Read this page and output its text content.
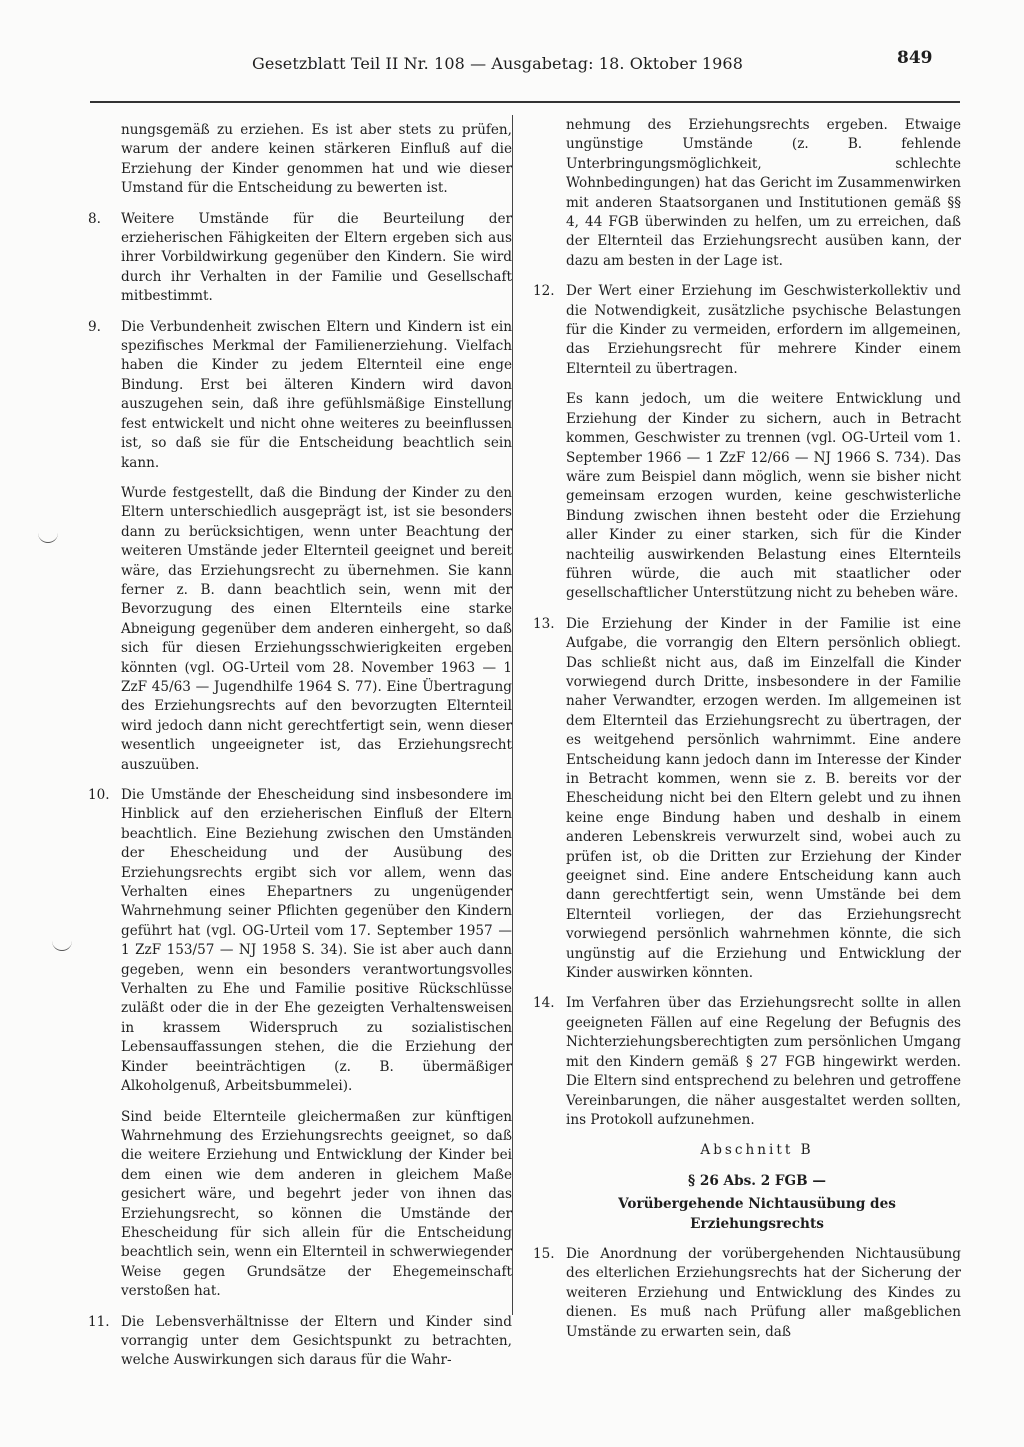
Gesetzblatt Teil II Nr. 108 — Ausgabetag: 18. Oktober 1968	849

nungsgemäß zu erziehen. Es ist aber stets zu prüfen, warum der andere keinen stärkeren Einfluß auf die Erziehung der Kinder genommen hat und wie dieser Umstand für die Entscheidung zu bewerten ist.

8.	Weitere Umstände für die Beurteilung der erzieherischen Fähigkeiten der Eltern ergeben sich aus ihrer Vorbildwirkung gegenüber den Kindern. Sie wird durch ihr Verhalten in der Familie und Gesellschaft mitbestimmt.

9.	Die Verbundenheit zwischen Eltern und Kindern ist ein spezifisches Merkmal der Familienerziehung. Vielfach haben die Kinder zu jedem Elternteil eine enge Bindung. Erst bei älteren Kindern wird davon auszugehen sein, daß ihre gefühlsmäßige Einstellung fest entwickelt und nicht ohne weiteres zu beeinflussen ist, so daß sie für die Entscheidung beachtlich sein kann.

Wurde festgestellt, daß die Bindung der Kinder zu den Eltern unterschiedlich ausgeprägt ist, ist sie besonders dann zu berücksichtigen, wenn unter Beachtung der weiteren Umstände jeder Elternteil geeignet und bereit wäre, das Erziehungsrecht zu übernehmen. Sie kann ferner z. B. dann beachtlich sein, wenn mit der Bevorzugung des einen Elternteils eine starke Abneigung gegenüber dem anderen einhergeht, so daß sich für diesen Erziehungsschwierigkeiten ergeben könnten (vgl. OG-Urteil vom 28. November 1963 — 1 ZzF 45/63 — Jugendhilfe 1964 S. 77). Eine Übertragung des Erziehungsrechts auf den bevorzugten Elternteil wird jedoch dann nicht gerechtfertigt sein, wenn dieser wesentlich ungeeigneter ist, das Erziehungsrecht auszuüben.

10. Die Umstände der Ehescheidung sind insbesondere im Hinblick auf den erzieherischen Einfluß der Eltern beachtlich. Eine Beziehung zwischen den Umständen der Ehescheidung und der Ausübung des Erziehungsrechts ergibt sich vor allem, wenn das Verhalten eines Ehepartners zu ungenügender Wahrnehmung seiner Pflichten gegenüber den Kindern geführt hat (vgl. OG-Urteil vom 17. September 1957 — 1 ZzF 153/57 — NJ 1958 S. 34). Sie ist aber auch dann gegeben, wenn ein besonders verantwortungsvolles Verhalten zu Ehe und Familie positive Rückschlüsse zuläßt oder die in der Ehe gezeigten Verhaltensweisen in krassem Widerspruch zu sozialistischen Lebensauffassungen stehen, die die Erziehung der Kinder beeinträchtigen (z. B. übermäßiger Alkoholgenuß, Arbeitsbummelei).

Sind beide Elternteile gleichermaßen zur künftigen Wahrnehmung des Erziehungsrechts geeignet, so daß die weitere Erziehung und Entwicklung der Kinder bei dem einen wie dem anderen in gleichem Maße gesichert wäre, und begehrt jeder von ihnen das Erziehungsrecht, so können die Umstände der Ehescheidung für sich allein für die Entscheidung beachtlich sein, wenn ein Elternteil in schwerwiegender Weise gegen Grundsätze der Ehegemeinschaft verstoßen hat.

11. Die Lebensverhältnisse der Eltern und Kinder sind vorrangig unter dem Gesichtspunkt zu betrachten, welche Auswirkungen sich daraus für die Wahr-

nehmung des Erziehungsrechts ergeben. Etwaige ungünstige Umstände (z. B. fehlende Unterbringungsmöglichkeit, schlechte Wohnbedingungen) hat das Gericht im Zusammenwirken mit anderen Staatsorganen und Institutionen gemäß §§ 4, 44 FGB überwinden zu helfen, um zu erreichen, daß der Elternteil das Erziehungsrecht ausüben kann, der dazu am besten in der Lage ist.

12. Der Wert einer Erziehung im Geschwisterkollektiv und die Notwendigkeit, zusätzliche psychische Belastungen für die Kinder zu vermeiden, erfordern im allgemeinen, das Erziehungsrecht für mehrere Kinder einem Elternteil zu übertragen.

Es kann jedoch, um die weitere Entwicklung und Erziehung der Kinder zu sichern, auch in Betracht kommen, Geschwister zu trennen (vgl. OG-Urteil vom 1. September 1966 — 1 ZzF 12/66 — NJ 1966 S. 734). Das wäre zum Beispiel dann möglich, wenn sie bisher nicht gemeinsam erzogen wurden, keine geschwisterliche Bindung zwischen ihnen besteht oder die Erziehung aller Kinder zu einer starken, sich für die Kinder nachteilig auswirkenden Belastung eines Elternteils führen würde, die auch mit staatlicher oder gesellschaftlicher Unterstützung nicht zu beheben wäre.

13. Die Erziehung der Kinder in der Familie ist eine Aufgabe, die vorrangig den Eltern persönlich obliegt. Das schließt nicht aus, daß im Einzelfall die Kinder vorwiegend durch Dritte, insbesondere in der Familie naher Verwandter, erzogen werden. Im allgemeinen ist dem Elternteil das Erziehungsrecht zu übertragen, der es weitgehend persönlich wahrnimmt. Eine andere Entscheidung kann jedoch dann im Interesse der Kinder in Betracht kommen, wenn sie z. B. bereits vor der Ehescheidung nicht bei den Eltern gelebt und zu ihnen keine enge Bindung haben und deshalb in einem anderen Lebenskreis verwurzelt sind, wobei auch zu prüfen ist, ob die Dritten zur Erziehung der Kinder geeignet sind. Eine andere Entscheidung kann auch dann gerechtfertigt sein, wenn Umstände bei dem Elternteil vorliegen, der das Erziehungsrecht vorwiegend persönlich wahrnehmen könnte, die sich ungünstig auf die Erziehung und Entwicklung der Kinder auswirken könnten.

14. Im Verfahren über das Erziehungsrecht sollte in allen geeigneten Fällen auf eine Regelung der Befugnis des Nichterziehungsberechtigten zum persönlichen Umgang mit den Kindern gemäß § 27 FGB hingewirkt werden. Die Eltern sind entsprechend zu belehren und getroffene Vereinbarungen, die näher ausgestaltet werden sollten, ins Protokoll aufzunehmen.

Abschnitt B

§ 26 Abs. 2 FGB —

Vorübergehende Nichtausübung des Erziehungsrechts

15. Die Anordnung der vorübergehenden Nichtausübung des elterlichen Erziehungsrechts hat der Sicherung der weiteren Erziehung und Entwicklung des Kindes zu dienen. Es muß nach Prüfung aller maßgeblichen Umstände zu erwarten sein, daß
